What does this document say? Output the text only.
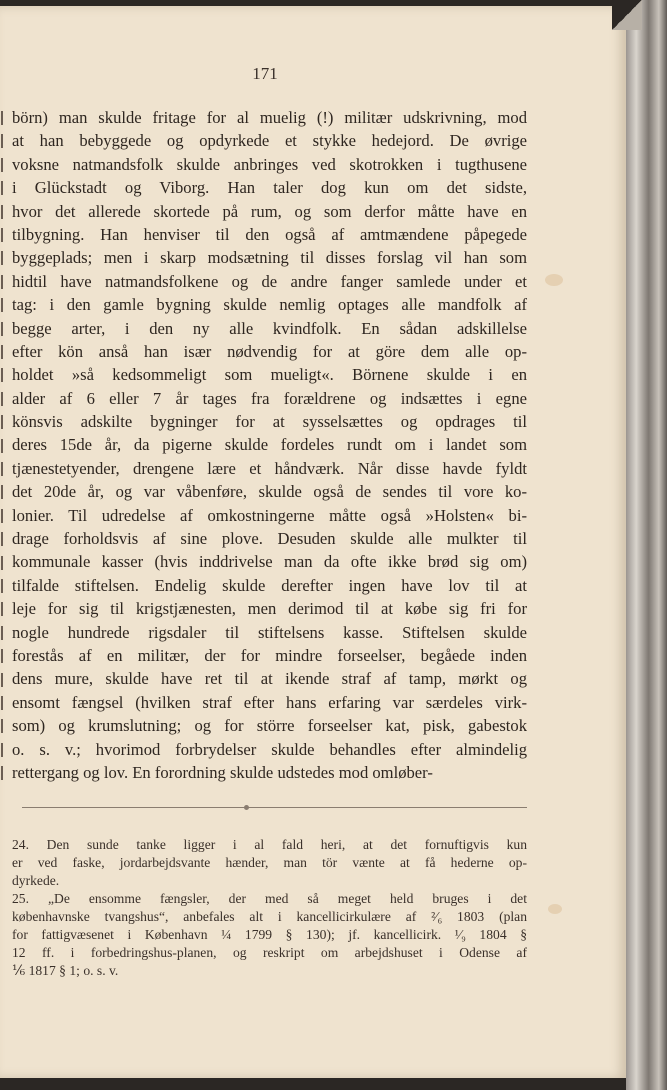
171
börn) man skulde fritage for al muelig (!) militær udskrivning, mod
at han bebyggede og opdyrkede et stykke hedejord. De øvrige
voksne natmandsfolk skulde anbringes ved skotrokken i tugthusene
i Glückstadt og Viborg. Han taler dog kun om det sidste,
hvor det allerede skortede på rum, og som derfor måtte have en
tilbygning. Han henviser til den også af amtmændene påpegede
byggeplads; men i skarp modsætning til disses forslag vil han som
hidtil have natmandsfolkene og de andre fanger samlede under et
tag: i den gamle bygning skulde nemlig optages alle mandfolk af
begge arter, i den ny alle kvindfolk. En sådan adskillelse
efter kön anså han især nødvendig for at göre dem alle op-
holdet »så kedsommeligt som mueligt«. Börnene skulde i en
alder af 6 eller 7 år tages fra forældrene og indsættes i egne
könsvis adskilte bygninger for at sysselsættes og opdrages til
deres 15de år, da pigerne skulde fordeles rundt om i landet som
tjænestetyender, drengene lære et håndværk. Når disse havde fyldt
det 20de år, og var våbenføre, skulde også de sendes til vore ko-
lonier. Til udredelse af omkostningerne måtte også »Holsten« bi-
drage forholdsvis af sine plove. Desuden skulde alle mulkter til
kommunale kasser (hvis inddrivelse man da ofte ikke brød sig om)
tilfalde stiftelsen. Endelig skulde derefter ingen have lov til at
leje for sig til krigstjænesten, men derimod til at købe sig fri for
nogle hundrede rigsdaler til stiftelsens kasse. Stiftelsen skulde
forestås af en militær, der for mindre forseelser, begåede inden
dens mure, skulde have ret til at ikende straf af tamp, mørkt og
ensomt fængsel (hvilken straf efter hans erfaring var særdeles virk-
som) og krumslutning; og for större forseelser kat, pisk, gabestok
o. s. v.; hvorimod forbrydelser skulde behandles efter almindelig
rettergang og lov. En forordning skulde udstedes mod omløber-
24. Den sunde tanke ligger i al fald heri, at det fornuftigvis kun
er ved faske, jordarbejdsvante hænder, man tör vænte at få hederne op-
dyrkede.
25. „De ensomme fængsler, der med så meget held bruges i det
københavnske tvangshus“, anbefales alt i kancellicirkulære af ²⁄₆ 1803 (plan
for fattigvæsenet i København ¼ 1799 § 130); jf. kancellicirk. ¹⁄₉ 1804 §
12 ff. i forbedringshus-planen, og reskript om arbejdshuset i Odense af
⅙ 1817 § 1; o. s. v.
